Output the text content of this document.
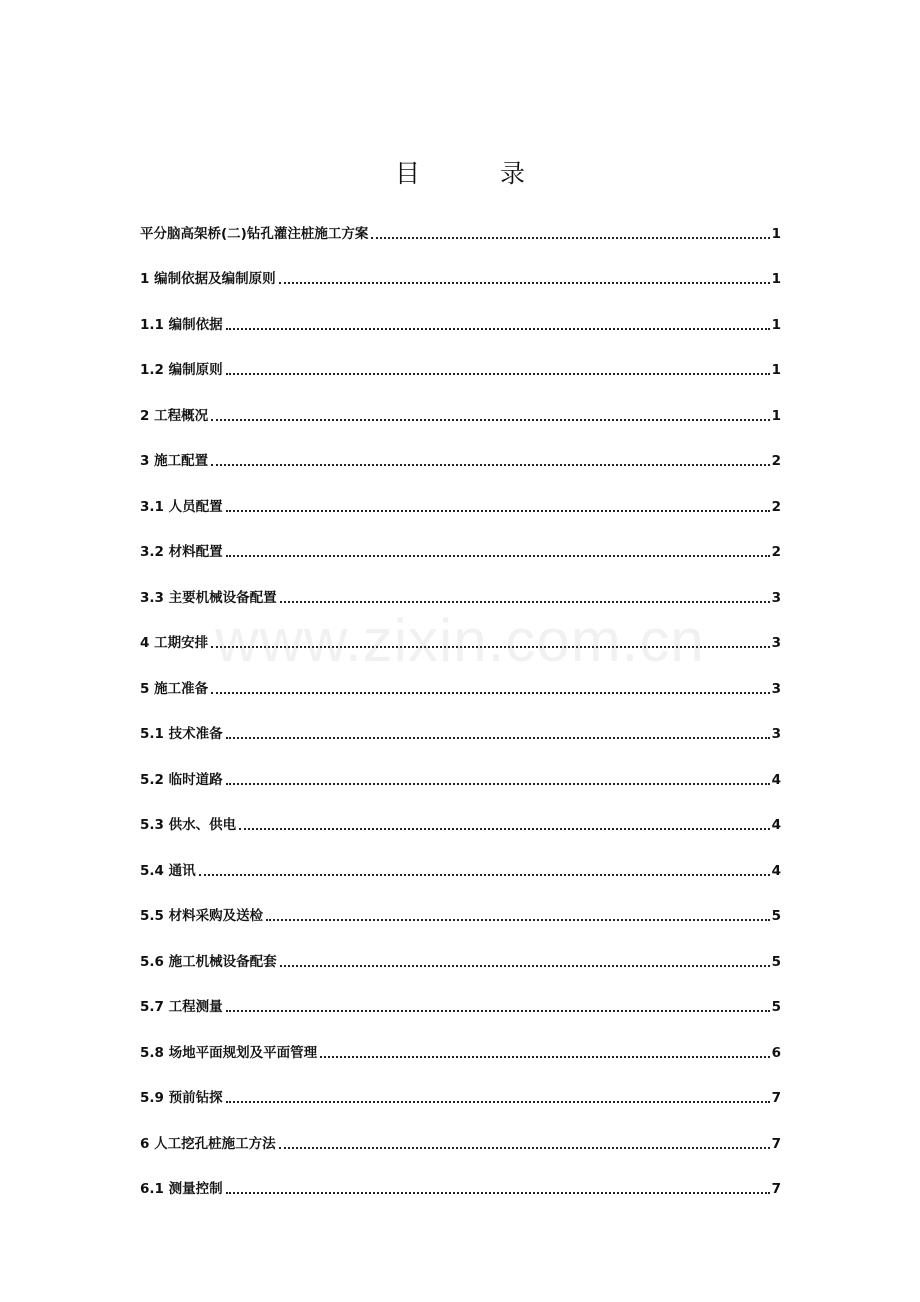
目 录
平分脑高架桥(二)钻孔灌注桩施工方案	1
1 编制依据及编制原则	1
1.1 编制依据	1
1.2 编制原则	1
2 工程概况	1
3 施工配置	2
3.1 人员配置	2
3.2 材料配置	2
3.3 主要机械设备配置	3
4 工期安排	3
5 施工准备	3
5.1 技术准备	3
5.2 临时道路	4
5.3 供水、供电	4
5.4 通讯	4
5.5 材料采购及送检	5
5.6 施工机械设备配套	5
5.7 工程测量	5
5.8 场地平面规划及平面管理	6
5.9 预前钻探	7
6 人工挖孔桩施工方法	7
6.1 测量控制	7
www.zixin.com.cn
